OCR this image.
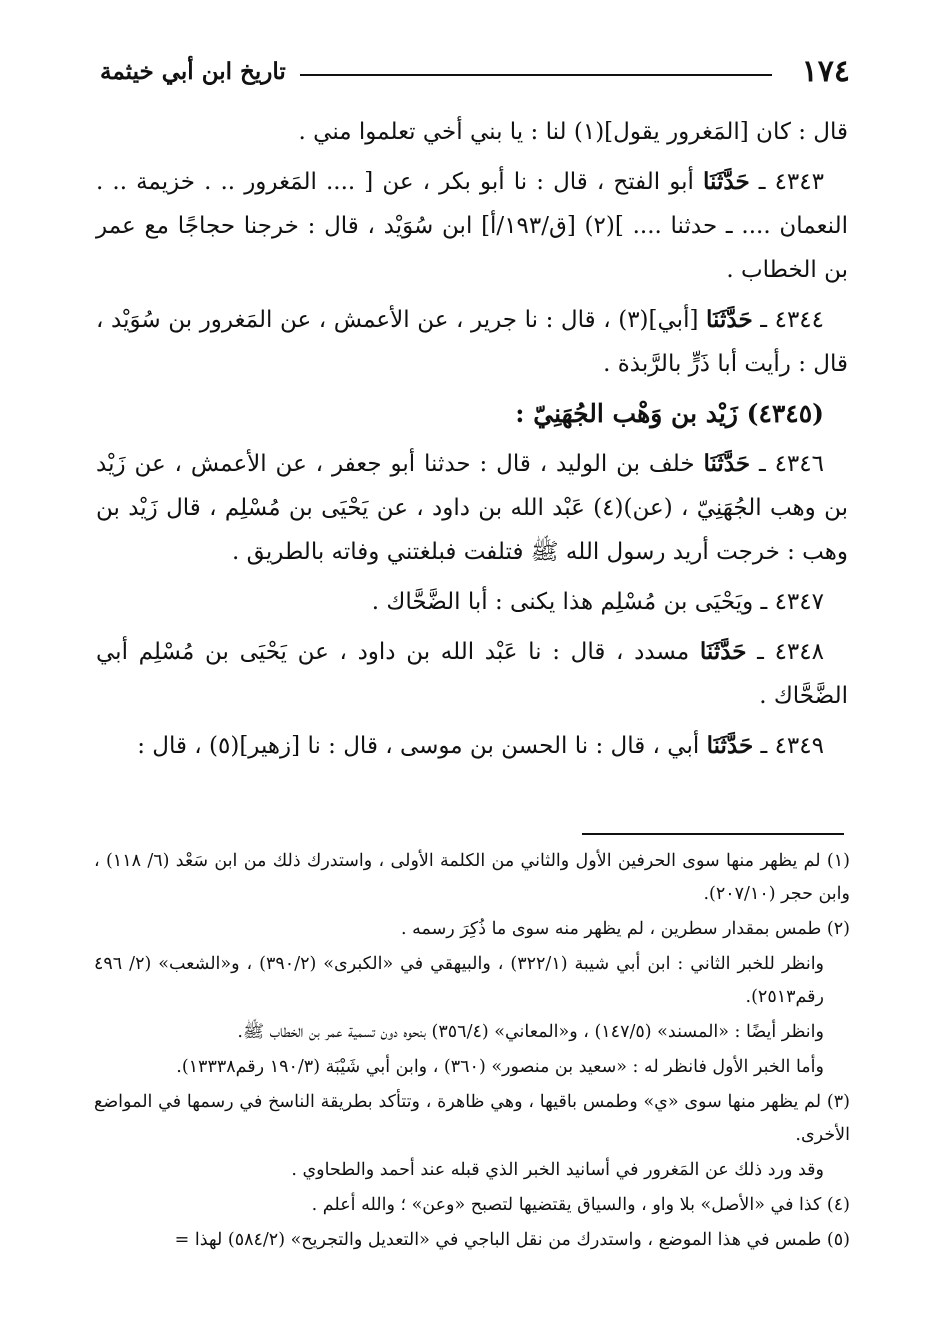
١٧٤
تاريخ ابن أبي خيثمة

قال : كان [المَغرور يقول](١) لنا : يا بني أخي تعلموا مني .

٤٣٤٣ ـ حَدَّثَنَا أبو الفتح ، قال : نا أبو بكر ، عن [ .... المَغرور .. . خزيمة .. . النعمان .... ـ حدثنا .... ](٢) [ق/١٩٣/أ] ابن سُوَيْد ، قال : خرجنا حجاجًا مع عمر بن الخطاب .

٤٣٤٤ ـ حَدَّثَنَا [أبي](٣) ، قال : نا جرير ، عن الأعمش ، عن المَغرور بن سُوَيْد ، قال : رأيت أبا ذَرٍّ بالرَّبذة .

(٤٣٤٥) زَيْد بن وَهْب الجُهَنِيّ :

٤٣٤٦ ـ حَدَّثَنَا خلف بن الوليد ، قال : حدثنا أبو جعفر ، عن الأعمش ، عن زَيْد بن وهب الجُهَنِيّ ، (عن)(٤) عَبْد الله بن داود ، عن يَحْيَى بن مُسْلِم ، قال زَيْد بن وهب : خرجت أريد رسول الله ﷺ فتلفت فبلغتني وفاته بالطريق .

٤٣٤٧ ـ ويَحْيَى بن مُسْلِم هذا يكنى : أبا الضَّحَّاك .

٤٣٤٨ ـ حَدَّثَنَا مسدد ، قال : نا عَبْد الله بن داود ، عن يَحْيَى بن مُسْلِم أبي الضَّحَّاك .

٤٣٤٩ ـ حَدَّثَنَا أبي ، قال : نا الحسن بن موسى ، قال : نا [زهير](٥) ، قال :

(١) لم يظهر منها سوى الحرفين الأول والثاني من الكلمة الأولى ، واستدرك ذلك من ابن سَعْد (٦/ ١١٨) ، وابن حجر (٢٠٧/١٠).

(٢) طمس بمقدار سطرين ، لم يظهر منه سوى ما ذُكِرَ رسمه .

وانظر للخبر الثاني : ابن أبي شيبة (٣٢٢/١) ، والبيهقي في «الكبرى» (٣٩٠/٢) ، و«الشعب» (٢/ ٤٩٦ رقم٢٥١٣).

وانظر أيضًا : «المسند» (١٤٧/٥) ، و«المعاني» (٣٥٦/٤) بنحوه دون تسمية عمر بن الخطاب ﷺ.

وأما الخبر الأول فانظر له : «سعيد بن منصور» (٣٦٠) ، وابن أبي شَيْبَة (١٩٠/٣ رقم١٣٣٣٨).

(٣) لم يظهر منها سوى «ي» وطمس باقيها ، وهي ظاهرة ، وتتأكد بطريقة الناسخ في رسمها في المواضع الأخرى.

وقد ورد ذلك عن المَغرور في أسانيد الخبر الذي قبله عند أحمد والطحاوي .

(٤) كذا في «الأصل» بلا واو ، والسياق يقتضيها لتصبح «وعن» ؛ والله أعلم .

(٥) طمس في هذا الموضع ، واستدرك من نقل الباجي في «التعديل والتجريح» (٥٨٤/٢) لهذا =
